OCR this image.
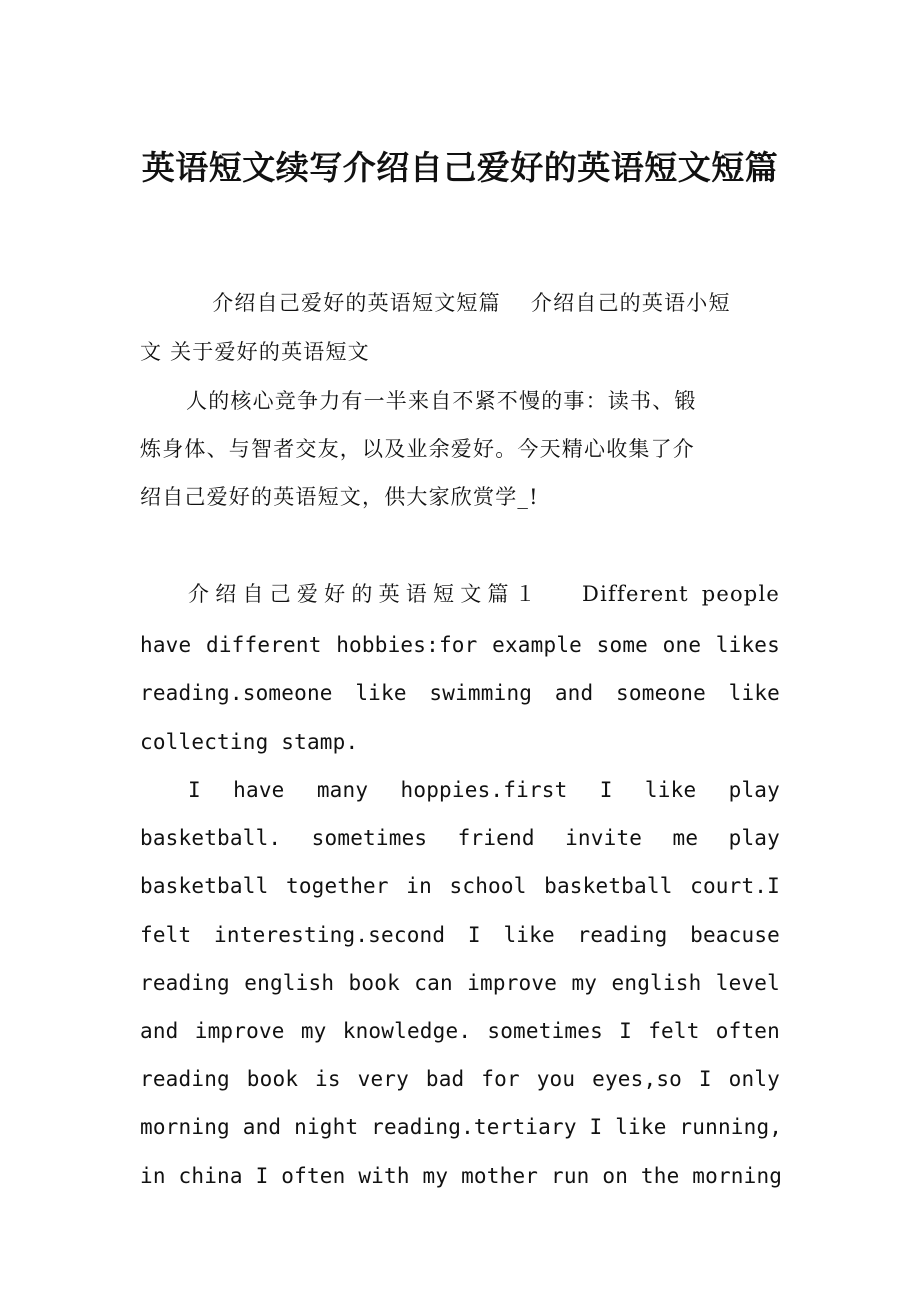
英语短文续写介绍自己爱好的英语短文短篇

　介绍自己爱好的英语短文短篇　 介绍自己的英语小短

文 关于爱好的英语短文

人的核心竞争力有一半来自不紧不慢的事：读书、锻

炼身体、与智者交友，以及业余爱好。今天精心收集了介

绍自己爱好的英语短文，供大家欣赏学_!

介绍自己爱好的英语短文篇１　 Different people

have different hobbies:for example some one likes

reading.someone like swimming and someone like

collecting stamp.

I have many hoppies.first I like play

basketball. sometimes friend invite me play

basketball together in school basketball court.I

felt interesting.second I like reading beacuse

reading english book can improve my english level

and improve my knowledge. sometimes I felt often

reading book is very bad for you eyes,so I only

morning and night reading.tertiary I like running,

in china I often with my mother run on the morning
